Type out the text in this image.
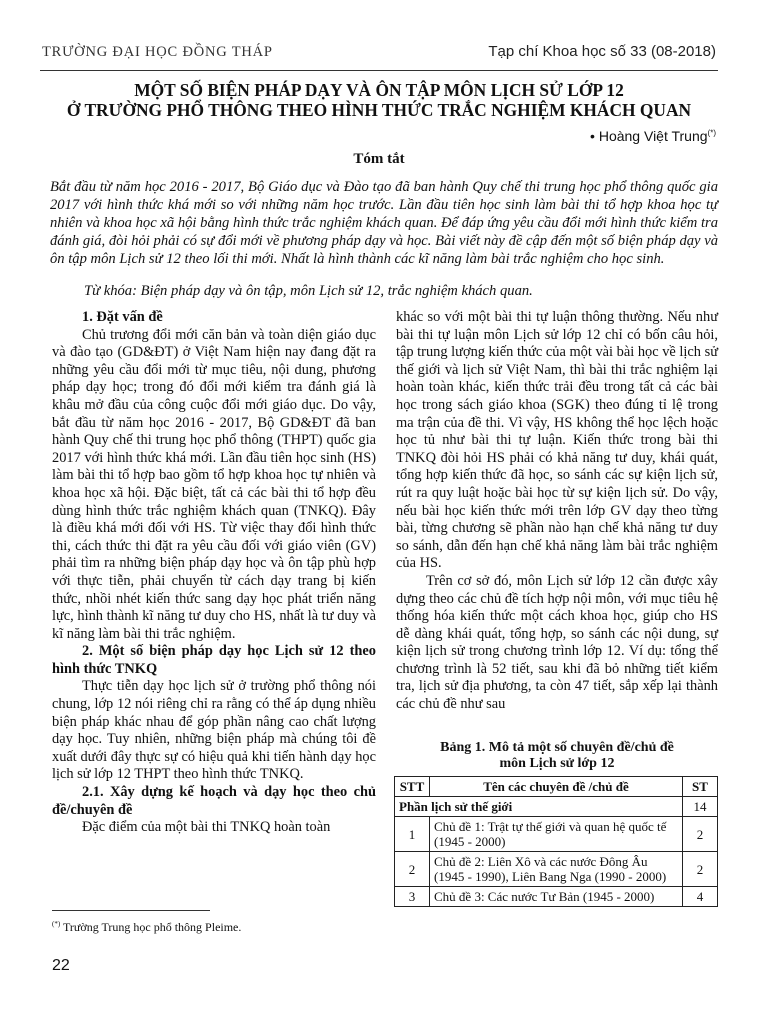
TRƯỜNG ĐẠI HỌC ĐỒNG THÁP	Tạp chí Khoa học số 33 (08-2018)
MỘT SỐ BIỆN PHÁP DẠY VÀ ÔN TẬP MÔN LỊCH SỬ LỚP 12
Ở TRƯỜNG PHỔ THÔNG THEO HÌNH THỨC TRẮC NGHIỆM KHÁCH QUAN
• Hoàng Việt Trung(*)
Tóm tắt

Bắt đầu từ năm học 2016 - 2017, Bộ Giáo dục và Đào tạo đã ban hành Quy chế thi trung học phổ thông quốc gia 2017 với hình thức khá mới so với những năm học trước. Lần đầu tiên học sinh làm bài thi tổ hợp khoa học tự nhiên và khoa học xã hội bằng hình thức trắc nghiệm khách quan. Để đáp ứng yêu cầu đổi mới hình thức kiểm tra đánh giá, đòi hỏi phải có sự đổi mới về phương pháp dạy và học. Bài viết này đề cập đến một số biện pháp dạy và ôn tập môn Lịch sử 12 theo lối thi mới. Nhất là hình thành các kĩ năng làm bài trắc nghiệm cho học sinh.

Từ khóa: Biện pháp dạy và ôn tập, môn Lịch sử 12, trắc nghiệm khách quan.

1. Đặt vấn đề

Chủ trương đổi mới căn bản và toàn diện giáo dục và đào tạo (GD&ĐT) ở Việt Nam hiện nay đang đặt ra những yêu cầu đổi mới từ mục tiêu, nội dung, phương pháp dạy học; trong đó đổi mới kiểm tra đánh giá là khâu mở đầu của công cuộc đổi mới giáo dục. Do vậy, bắt đầu từ năm học 2016 - 2017, Bộ GD&ĐT đã ban hành Quy chế thi trung học phổ thông (THPT) quốc gia 2017 với hình thức khá mới. Lần đầu tiên học sinh (HS) làm bài thi tổ hợp bao gồm tổ hợp khoa học tự nhiên và khoa học xã hội. Đặc biệt, tất cả các bài thi tổ hợp đều dùng hình thức trắc nghiệm khách quan (TNKQ). Đây là điều khá mới đối với HS. Từ việc thay đổi hình thức thi, cách thức thi đặt ra yêu cầu đối với giáo viên (GV) phải tìm ra những biện pháp dạy học và ôn tập phù hợp với thực tiễn, phải chuyển từ cách dạy trang bị kiến thức, nhồi nhét kiến thức sang dạy học phát triển năng lực, hình thành kĩ năng tư duy cho HS, nhất là tư duy và kĩ năng làm bài thi trắc nghiệm.

2. Một số biện pháp dạy học Lịch sử 12 theo hình thức TNKQ

Thực tiễn dạy học lịch sử ở trường phổ thông nói chung, lớp 12 nói riêng chỉ ra rằng có thể áp dụng nhiều biện pháp khác nhau để góp phần nâng cao chất lượng dạy học. Tuy nhiên, những biện pháp mà chúng tôi đề xuất dưới đây thực sự có hiệu quả khi tiến hành dạy học lịch sử lớp 12 THPT theo hình thức TNKQ.

2.1. Xây dựng kế hoạch và dạy học theo chủ đề/chuyên đề

Đặc điểm của một bài thi TNKQ hoàn toàn

khác so với một bài thi tự luận thông thường. Nếu như bài thi tự luận môn Lịch sử lớp 12 chỉ có bốn câu hỏi, tập trung lượng kiến thức của một vài bài học về lịch sử thế giới và lịch sử Việt Nam, thì bài thi trắc nghiệm lại hoàn toàn khác, kiến thức trải đều trong tất cả các bài học trong sách giáo khoa (SGK) theo đúng tỉ lệ trong ma trận của đề thi. Vì vậy, HS không thể học lệch hoặc học tủ như bài thi tự luận. Kiến thức trong bài thi TNKQ đòi hỏi HS phải có khả năng tư duy, khái quát, tổng hợp kiến thức đã học, so sánh các sự kiện lịch sử, rút ra quy luật hoặc bài học từ sự kiện lịch sử. Do vậy, nếu bài học kiến thức mới trên lớp GV dạy theo từng bài, từng chương sẽ phần nào hạn chế khả năng tư duy so sánh, dẫn đến hạn chế khả năng làm bài trắc nghiệm của HS.

Trên cơ sở đó, môn Lịch sử lớp 12 cần được xây dựng theo các chủ đề tích hợp nội môn, với mục tiêu hệ thống hóa kiến thức một cách khoa học, giúp cho HS dễ dàng khái quát, tổng hợp, so sánh các nội dung, sự kiện lịch sử trong chương trình lớp 12. Ví dụ: tổng thể chương trình là 52 tiết, sau khi đã bỏ những tiết kiểm tra, lịch sử địa phương, ta còn 47 tiết, sắp xếp lại thành các chủ đề như sau

Bảng 1. Mô tả một số chuyên đề/chủ đề
môn Lịch sử lớp 12
STT	Tên các chuyên đề /chủ đề	ST
Phần lịch sử thế giới		14
1	Chủ đề 1: Trật tự thế giới và quan hệ quốc tế (1945 - 2000)	2
2	Chủ đề 2: Liên Xô và các nước Đông Âu (1945 - 1990), Liên Bang Nga (1990 - 2000)	2
3	Chủ đề 3: Các nước Tư Bản (1945 - 2000)	4
(*) Trường Trung học phổ thông Pleime.
22
